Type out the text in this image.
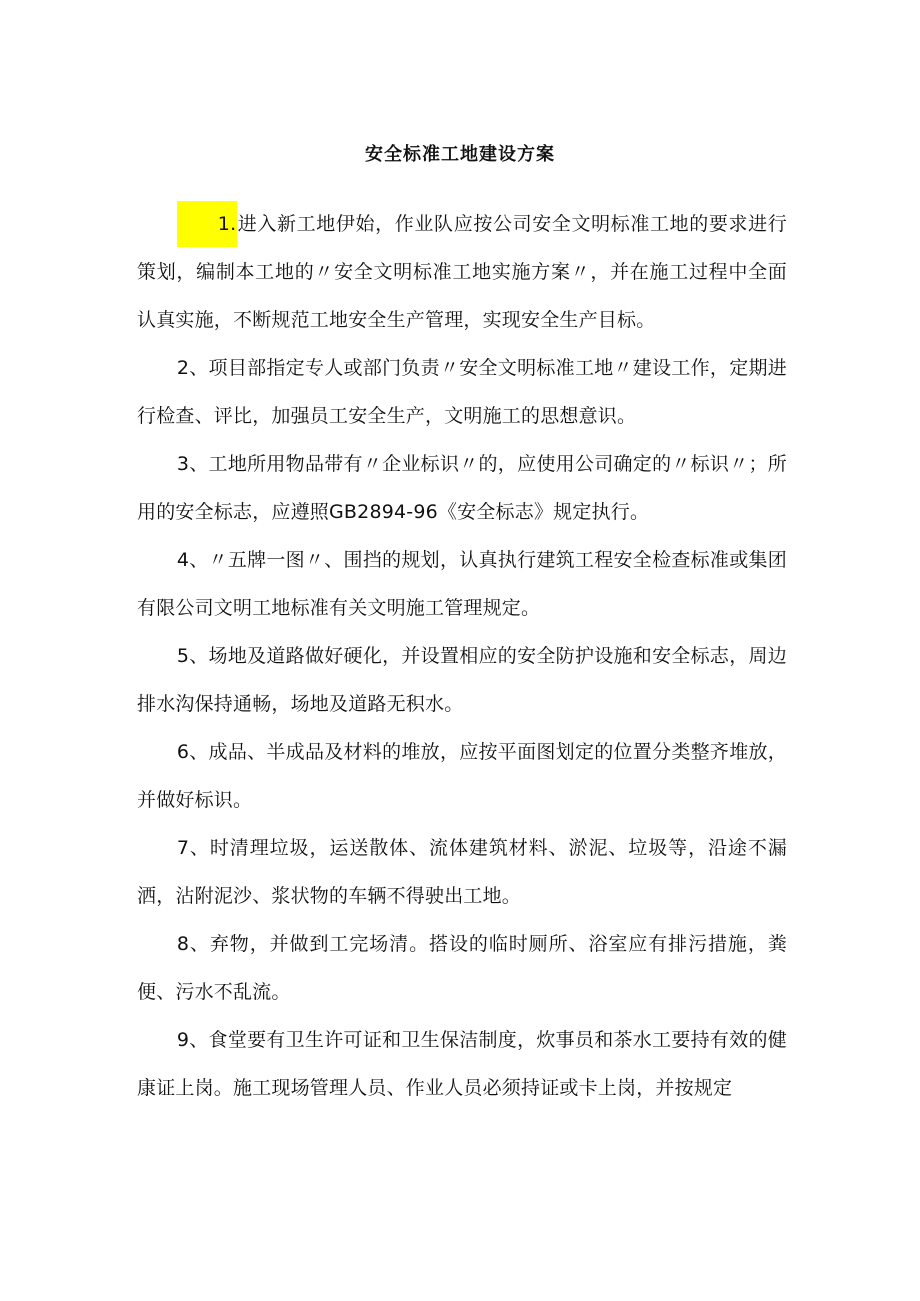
安全标准工地建设方案

1.进入新工地伊始，作业队应按公司安全文明标准工地的要求进行策划，编制本工地的〃安全文明标准工地实施方案〃，并在施工过程中全面认真实施，不断规范工地安全生产管理，实现安全生产目标。

2、项目部指定专人或部门负责〃安全文明标准工地〃建设工作，定期进行检查、评比，加强员工安全生产，文明施工的思想意识。

3、工地所用物品带有〃企业标识〃的，应使用公司确定的〃标识〃；所用的安全标志，应遵照GB2894-96《安全标志》规定执行。

4、〃五牌一图〃、围挡的规划，认真执行建筑工程安全检查标准或集团有限公司文明工地标准有关文明施工管理规定。

5、场地及道路做好硬化，并设置相应的安全防护设施和安全标志，周边排水沟保持通畅，场地及道路无积水。

6、成品、半成品及材料的堆放，应按平面图划定的位置分类整齐堆放，并做好标识。

7、时清理垃圾，运送散体、流体建筑材料、淤泥、垃圾等，沿途不漏洒，沾附泥沙、浆状物的车辆不得驶出工地。

8、弃物，并做到工完场清。搭设的临时厕所、浴室应有排污措施，粪便、污水不乱流。

9、食堂要有卫生许可证和卫生保洁制度，炊事员和茶水工要持有效的健康证上岗。施工现场管理人员、作业人员必须持证或卡上岗，并按规定
